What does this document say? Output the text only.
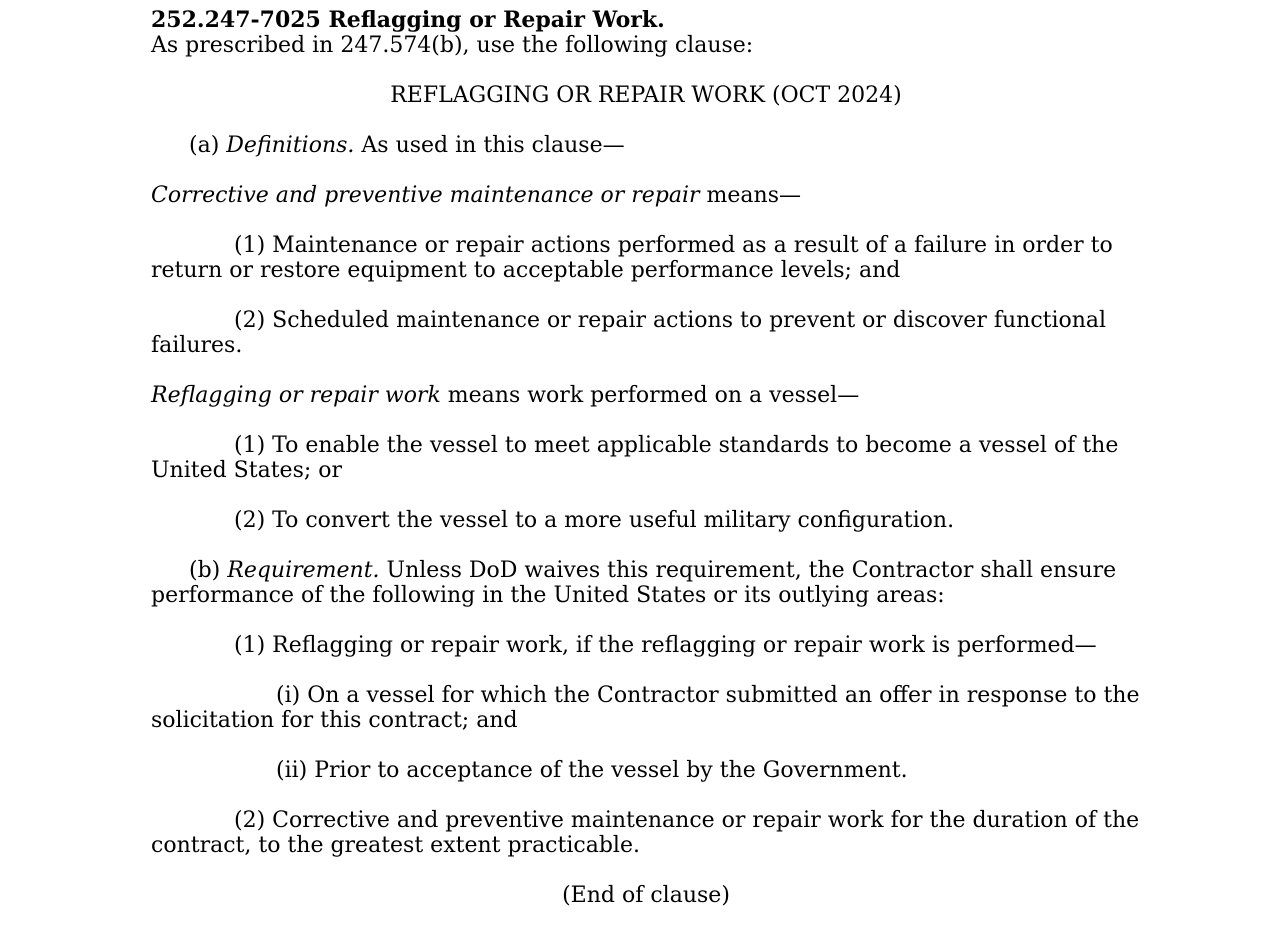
252.247-7025 Reflagging or Repair Work.
As prescribed in 247.574(b), use the following clause:
REFLAGGING OR REPAIR WORK (OCT 2024)
(a) Definitions. As used in this clause—
Corrective and preventive maintenance or repair means—
(1) Maintenance or repair actions performed as a result of a failure in order to return or restore equipment to acceptable performance levels; and
(2) Scheduled maintenance or repair actions to prevent or discover functional failures.
Reflagging or repair work means work performed on a vessel—
(1) To enable the vessel to meet applicable standards to become a vessel of the United States; or
(2) To convert the vessel to a more useful military configuration.
(b) Requirement. Unless DoD waives this requirement, the Contractor shall ensure performance of the following in the United States or its outlying areas:
(1) Reflagging or repair work, if the reflagging or repair work is performed—
(i) On a vessel for which the Contractor submitted an offer in response to the solicitation for this contract; and
(ii) Prior to acceptance of the vessel by the Government.
(2) Corrective and preventive maintenance or repair work for the duration of the contract, to the greatest extent practicable.
(End of clause)
